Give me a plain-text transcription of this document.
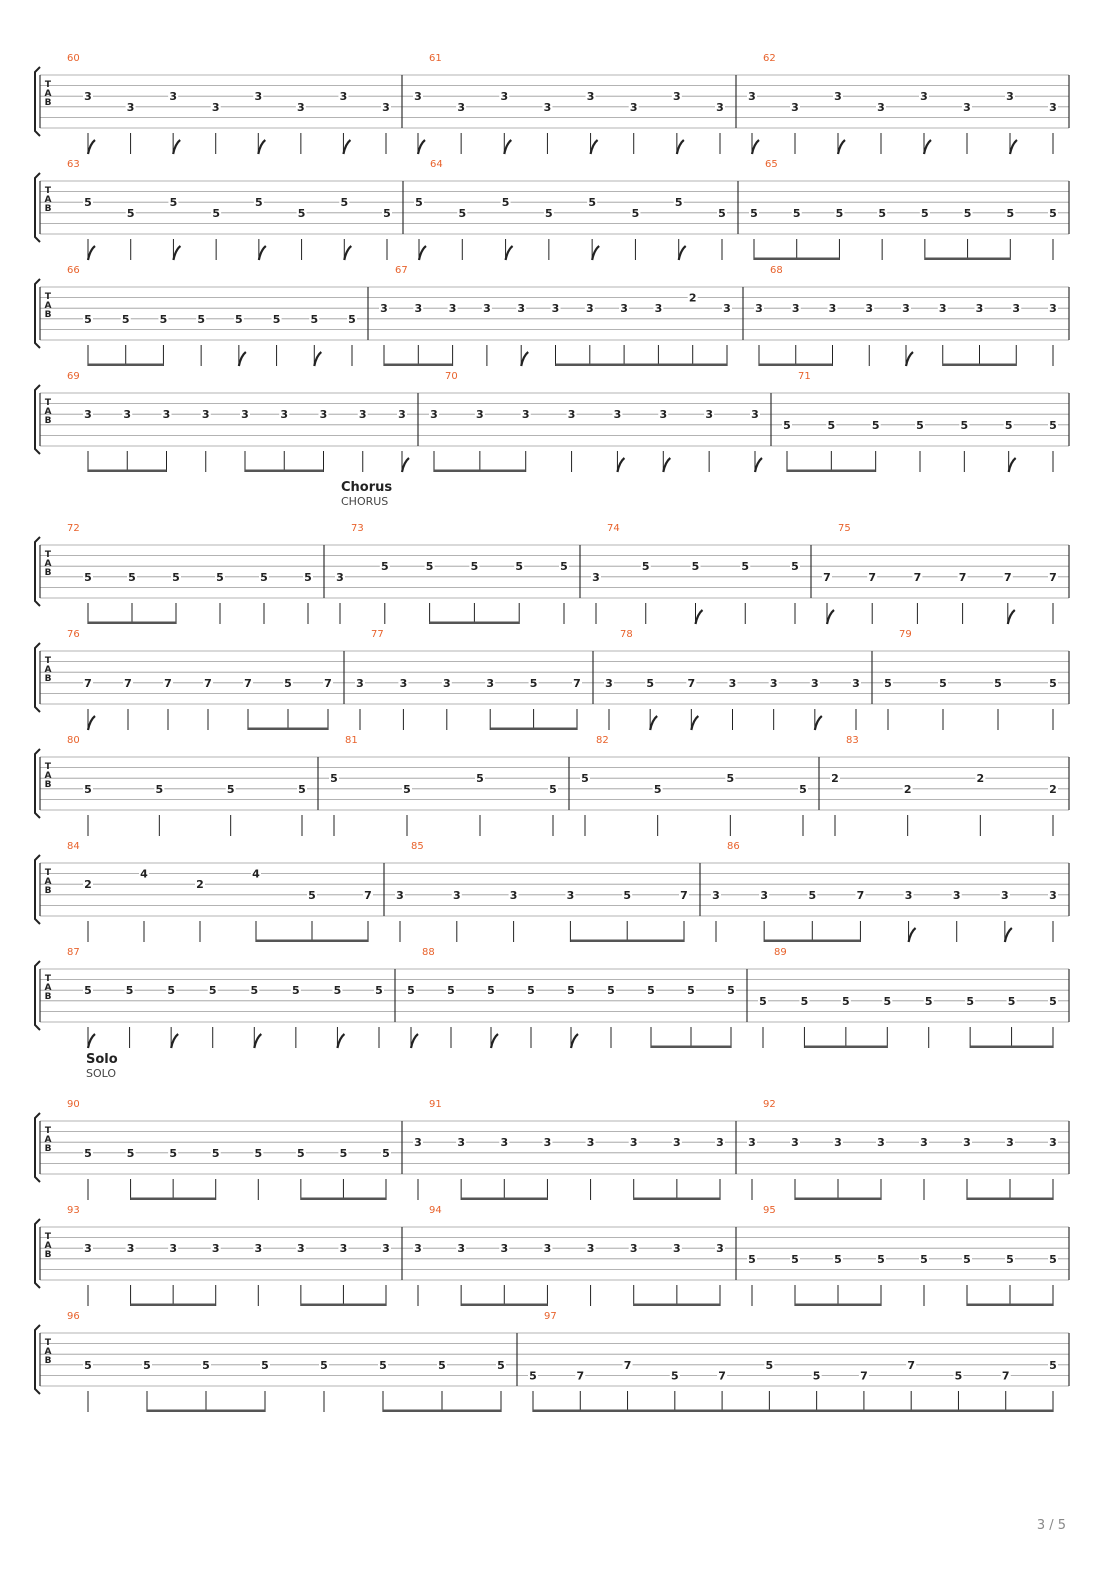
Chorus
CHORUS
Solo
SOLO
T
A
B
60
3
3
3
3
3
3
3
3
61
3
3
3
3
3
3
3
3
62
3
3
3
3
3
3
3
3
T
A
B
63
5
5
5
5
5
5
5
5
64
5
5
5
5
5
5
5
5
65
5	5	5	5	5	5	5	5
T
A
B
66
5	5	5	5	5	5	5	5
67
3 3 3 3 3 3 3 3 3
2
3
68
3	3	3	3	3	3	3	3	3
T
A
B
69
3	3	3	3	3	3	3	3	3
70
3	3	3	3	3	3	3	3
71
5	5	5	5	5	5	5
T
A
B
72
5	5	5	5	5	5
73
3
5	5	5	5	5
74
3
5	5	5	5
75
7	7	7	7	7	7
T
A
B
76
7	7	7	7	7	5	7
77
3	3	3	3	5	7
78
3	5	7	3	3	3	3
79
5	5	5	5
T
A
B
80
5	5	5	5
81
5
5
5
5
82
5
5
5
5
83
2
2
2
2
T
A
B
84
2
4
2
4
5	7
85
3	3	3	3	5	7
86
3	3	5	7	3	3	3	3
T
A
B
87
5	5	5	5	5	5	5	5
88
5	5	5	5	5	5	5	5	5
89
5	5	5	5	5	5	5	5
T
A
B
90
5	5	5	5	5	5	5	5
91
3	3	3	3	3	3	3	3
92
3	3	3	3	3	3	3	3
T
A
B
93
3	3	3	3	3	3	3	3
94
3	3	3	3	3	3	3	3
95
5	5	5	5	5	5	5	5
T
A
B
96
5	5	5	5	5	5	5	5
97
5	7
7
5	7
5
5	7
7
5	7
5
3 / 5
